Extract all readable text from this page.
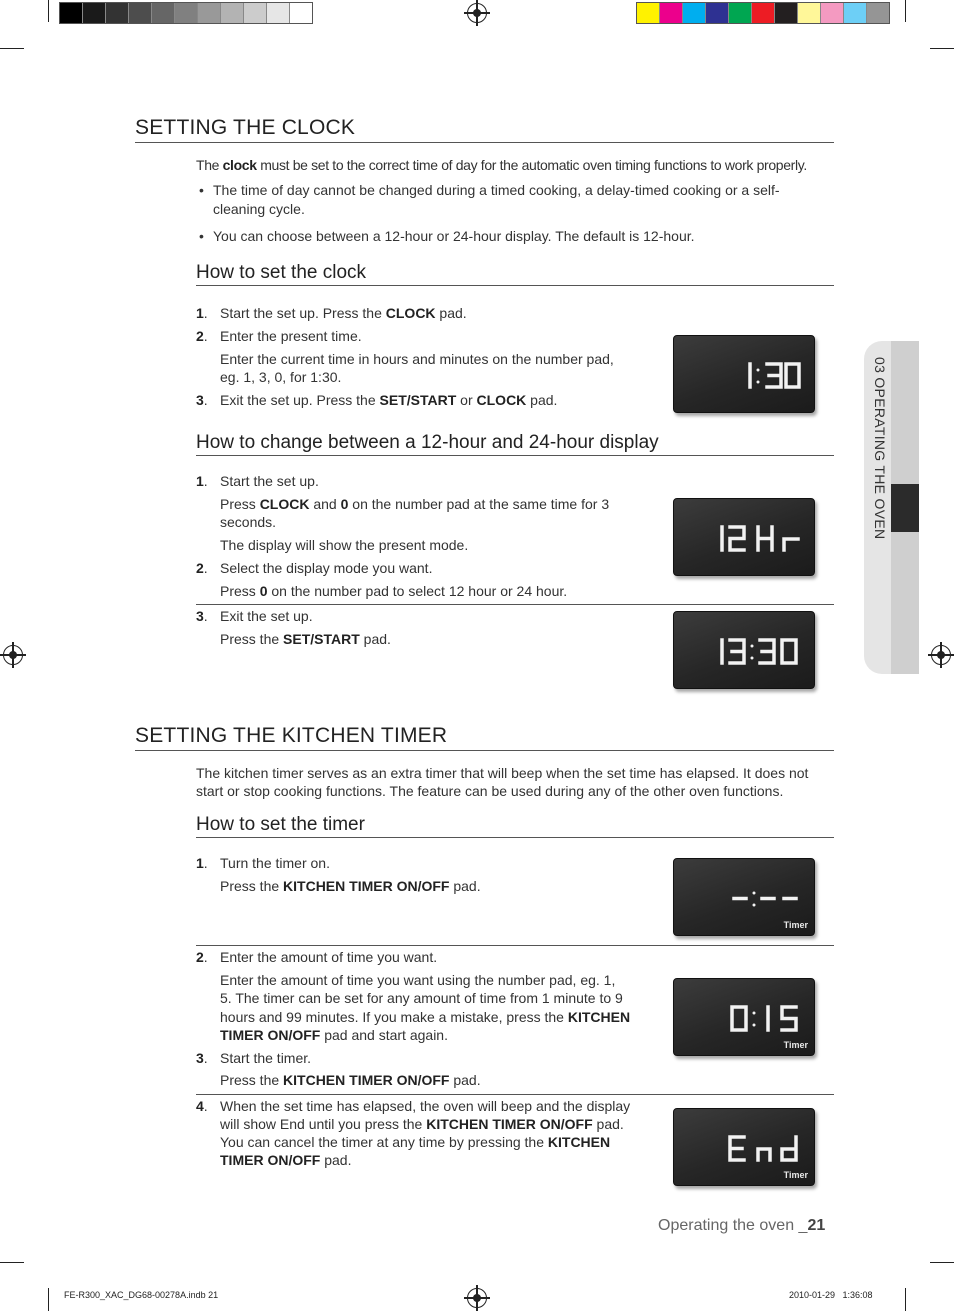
03 OPERATING THE OVEN
SETTING THE CLOCK
The clock must be set to the correct time of day for the automatic oven timing functions to work properly.
• The time of day cannot be changed during a timed cooking, a delay-timed cooking or a self-
cleaning cycle.
• You can choose between a 12-hour or 24-hour display. The default is 12-hour.
How to set the clock
1. Start the set up. Press the CLOCK pad.
2. Enter the present time.
Enter the current time in hours and minutes on the number pad,
eg. 1, 3, 0, for 1:30.
3. Exit the set up. Press the SET/START or CLOCK pad.
How to change between a 12-hour and 24-hour display
1. Start the set up.
Press CLOCK and 0 on the number pad at the same time for 3
seconds.
The display will show the present mode.
2. Select the display mode you want.
Press 0 on the number pad to select 12 hour or 24 hour.
3. Exit the set up.
Press the SET/START pad.
SETTING THE KITCHEN TIMER
The kitchen timer serves as an extra timer that will beep when the set time has elapsed. It does not
start or stop cooking functions. The feature can be used during any of the other oven functions.
How to set the timer
1. Turn the timer on.
Press the KITCHEN TIMER ON/OFF pad.
Timer
2. Enter the amount of time you want.
Enter the amount of time you want using the number pad, eg. 1,
5. The timer can be set for any amount of time from 1 minute to 9
hours and 99 minutes. If you make a mistake, press the KITCHEN
TIMER ON/OFF pad and start again.
3. Start the timer.
Press the KITCHEN TIMER ON/OFF pad.
Timer
4. When the set time has elapsed, the oven will beep and the display
will show End until you press the KITCHEN TIMER ON/OFF pad.
You can cancel the timer at any time by pressing the KITCHEN
TIMER ON/OFF pad.
Timer
Operating the oven _21
FE-R300_XAC_DG68-00278A.indb 21	2010-01-29   1:36:08
